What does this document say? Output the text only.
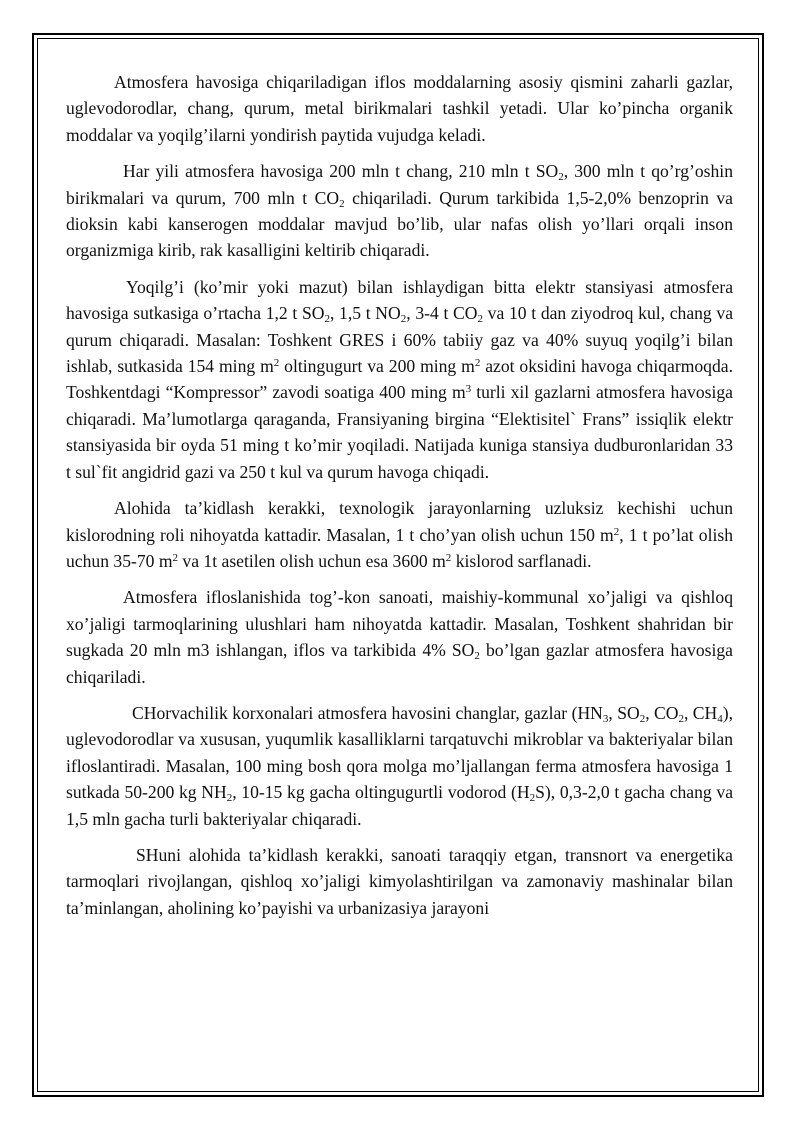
Atmosfera havosiga chiqariladigan iflos moddalarning asosiy qismini zaharli gazlar, uglevodorodlar, chang, qurum, metal birikmalari tashkil yetadi. Ular ko’pincha organik moddalar va yoqilg’ilarni yondirish paytida vujudga keladi.

Har yili atmosfera havosiga 200 mln t chang, 210 mln t $SO_2$, 300 mln t qo’rg’oshin birikmalari va qurum, 700 mln t $CO_2$ chiqariladi. Qurum tarkibida 1,5-2,0% benzoprin va dioksin kabi kanserogen moddalar mavjud bo’lib, ular nafas olish yo’llari orqali inson organizmiga kirib, rak kasalligini keltirib chiqaradi.

Yoqilg’i (ko’mir yoki mazut) bilan ishlaydigan bitta elektr stansiyasi atmosfera havosiga sutkasiga o’rtacha 1,2 t $SO_2$, 1,5 t $NO_2$, 3-4 t $CO_2$ va 10 t dan ziyodroq kul, chang va qurum chiqaradi. Masalan: Toshkent GRES i 60% tabiiy gaz va 40% suyuq yoqilg’i bilan ishlab, sutkasida 154 ming $m^2$ oltingugurt va 200 ming $m^2$ azot oksidini havoga chiqarmoqda. Toshkentdagi “Kompressor” zavodi soatiga 400 ming $m^3$ turli xil gazlarni atmosfera havosiga chiqaradi. Ma’lumotlarga qaraganda, Fransiyaning birgina “Elektisitel` Frans” issiqlik elektr stansiyasida bir oyda 51 ming t ko’mir yoqiladi. Natijada kuniga stansiya dudburonlaridan 33 t sul`fit angidrid gazi va 250 t kul va qurum havoga chiqadi.

Alohida ta’kidlash kerakki, texnologik jarayonlarning uzluksiz kechishi uchun kislorodning roli nihoyatda kattadir. Masalan, 1 t cho’yan olish uchun 150 $m^2$, 1 t po’lat olish uchun 35-70 $m^2$ va 1t asetilen olish uchun esa 3600 $m^2$ kislorod sarflanadi.

Atmosfera ifloslanishida tog’-kon sanoati, maishiy-kommunal xo’jaligi va qishloq xo’jaligi tarmoqlarining ulushlari ham nihoyatda kattadir. Masalan, Toshkent shahridan bir sugkada 20 mln m3 ishlangan, iflos va tarkibida 4% $SO_2$ bo’lgan gazlar atmosfera havosiga chiqariladi.

CHorvachilik korxonalari atmosfera havosini changlar, gazlar ($HN_3$, $SO_2$, $CO_2$, $CH_4$), uglevodorodlar va xususan, yuqumlik kasalliklarni tarqatuvchi mikroblar va bakteriyalar bilan ifloslantiradi. Masalan, 100 ming bosh qora molga mo’ljallangan ferma atmosfera havosiga 1 sutkada 50-200 kg $NH_2$, 10-15 kg gacha oltingugurtli vodorod $(H_2S)$, 0,3-2,0 t gacha chang va 1,5 mln gacha turli bakteriyalar chiqaradi.

SHuni alohida ta’kidlash kerakki, sanoati taraqqiy etgan, transnort va energetika tarmoqlari rivojlangan, qishloq xo’jaligi kimyolashtirilgan va zamonaviy mashinalar bilan ta’minlangan, aholining ko’payishi va urbanizasiya jarayoni
